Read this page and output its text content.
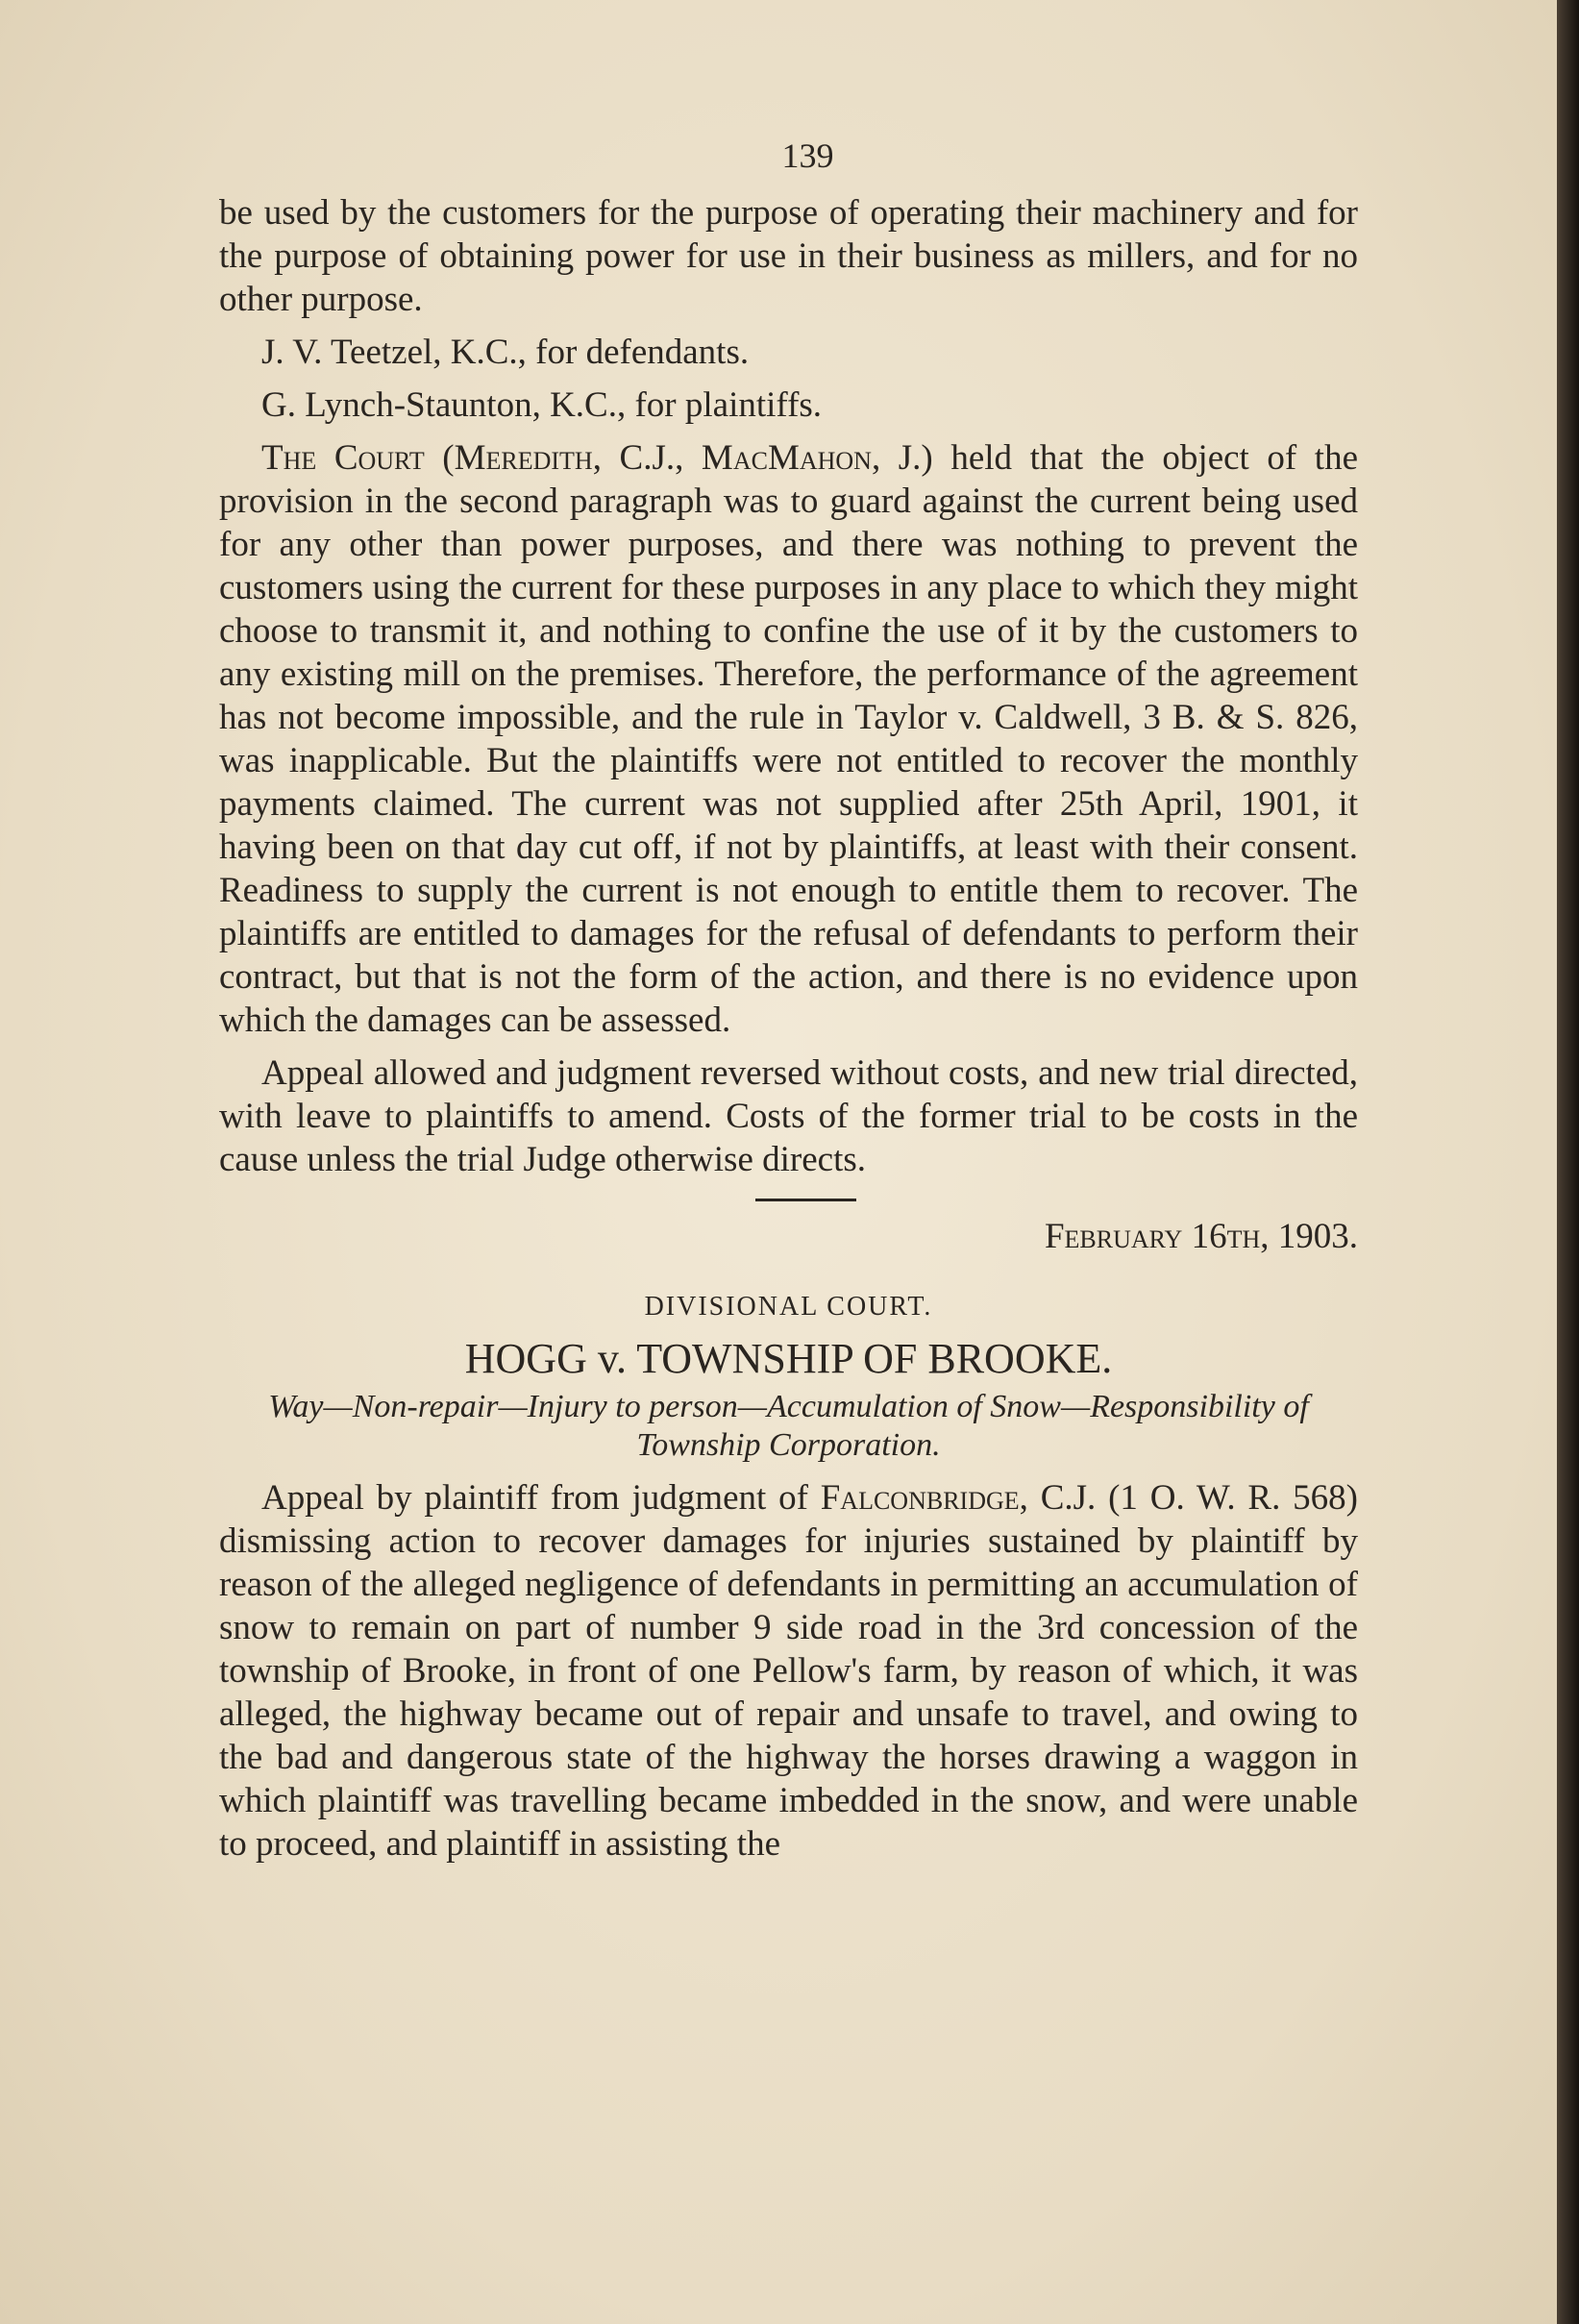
139

be used by the customers for the purpose of operating their machinery and for the purpose of obtaining power for use in their business as millers, and for no other purpose.

J. V. Teetzel, K.C., for defendants.

G. Lynch-Staunton, K.C., for plaintiffs.

The Court (Meredith, C.J., MacMahon, J.) held that the object of the provision in the second paragraph was to guard against the current being used for any other than power purposes, and there was nothing to prevent the customers using the current for these purposes in any place to which they might choose to transmit it, and nothing to confine the use of it by the customers to any existing mill on the premises. Therefore, the performance of the agreement has not become impossible, and the rule in Taylor v. Caldwell, 3 B. & S. 826, was inapplicable. But the plaintiffs were not entitled to recover the monthly payments claimed. The current was not supplied after 25th April, 1901, it having been on that day cut off, if not by plaintiffs, at least with their consent. Readiness to supply the current is not enough to entitle them to recover. The plaintiffs are entitled to damages for the refusal of defendants to perform their contract, but that is not the form of the action, and there is no evidence upon which the damages can be assessed.

Appeal allowed and judgment reversed without costs, and new trial directed, with leave to plaintiffs to amend. Costs of the former trial to be costs in the cause unless the trial Judge otherwise directs.

February 16th, 1903.

DIVISIONAL COURT.

HOGG v. TOWNSHIP OF BROOKE.

Way—Non-repair—Injury to person—Accumulation of Snow—Responsibility of Township Corporation.

Appeal by plaintiff from judgment of Falconbridge, C.J. (1 O. W. R. 568) dismissing action to recover damages for injuries sustained by plaintiff by reason of the alleged negligence of defendants in permitting an accumulation of snow to remain on part of number 9 side road in the 3rd concession of the township of Brooke, in front of one Pellow's farm, by reason of which, it was alleged, the highway became out of repair and unsafe to travel, and owing to the bad and dangerous state of the highway the horses drawing a waggon in which plaintiff was travelling became imbedded in the snow, and were unable to proceed, and plaintiff in assisting the
